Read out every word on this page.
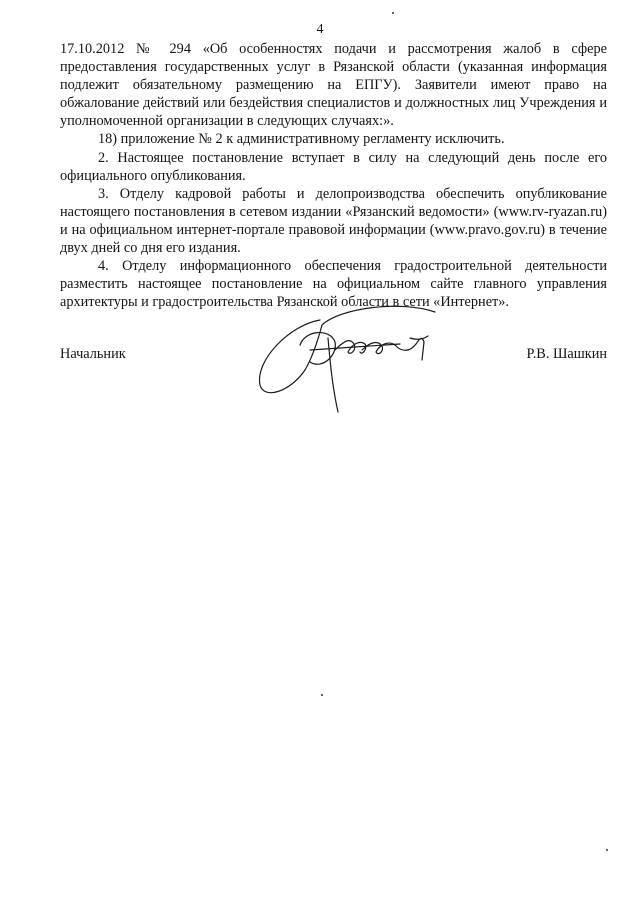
4

17.10.2012 № 294 «Об особенностях подачи и рассмотрения жалоб в сфере предоставления государственных услуг в Рязанской области (указанная информация подлежит обязательному размещению на ЕПГУ). Заявители имеют право на обжалование действий или бездействия специалистов и должностных лиц Учреждения и уполномоченной организации в следующих случаях:».

18) приложение № 2 к административному регламенту исключить.

2. Настоящее постановление вступает в силу на следующий день после его официального опубликования.

3. Отделу кадровой работы и делопроизводства обеспечить опубликование настоящего постановления в сетевом издании «Рязанский ведомости» (www.rv-ryazan.ru) и на официальном интернет-портале правовой информации (www.pravo.gov.ru) в течение двух дней со дня его издания.

4. Отделу информационного обеспечения градостроительной деятельности разместить настоящее постановление на официальном сайте главного управления архитектуры и градостроительства Рязанской области в сети «Интернет».

Начальник	Р.В. Шашкин
